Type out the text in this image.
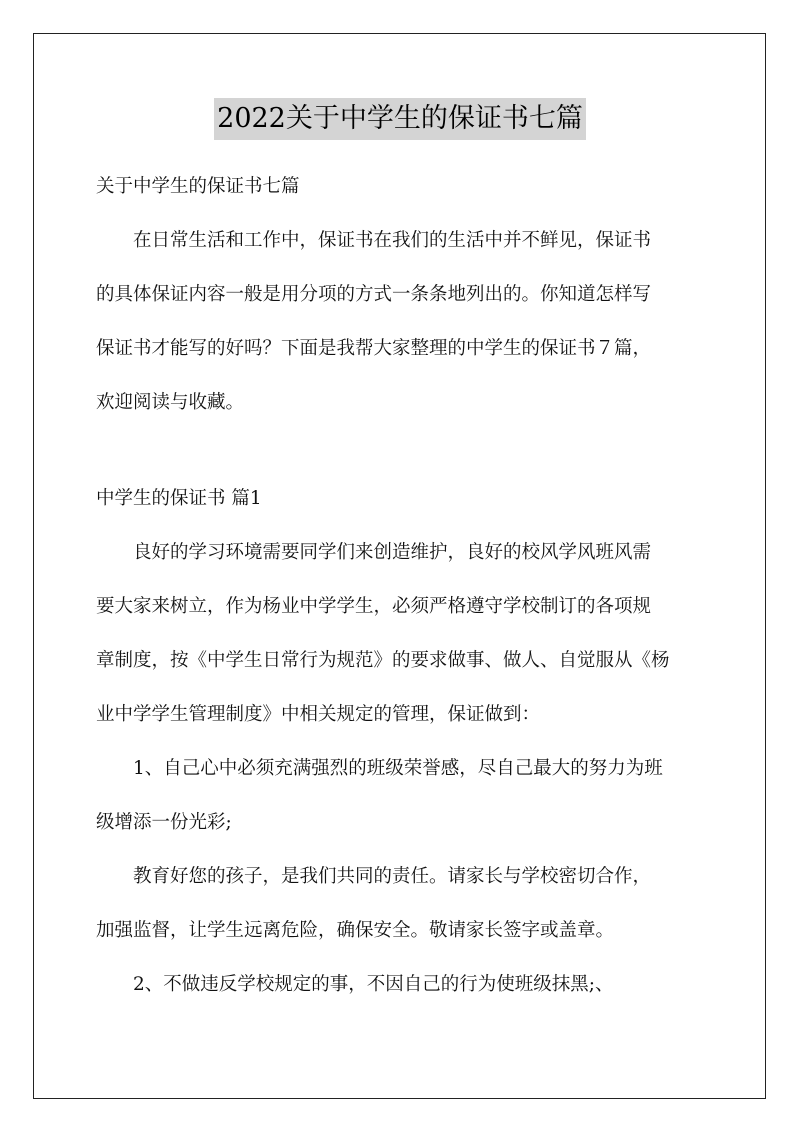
2022关于中学生的保证书七篇
关于中学生的保证书七篇
在日常生活和工作中，保证书在我们的生活中并不鲜见，保证书
的具体保证内容一般是用分项的方式一条条地列出的。你知道怎样写
保证书才能写的好吗？下面是我帮大家整理的中学生的保证书７篇，
欢迎阅读与收藏。
中学生的保证书 篇1
良好的学习环境需要同学们来创造维护，良好的校风学风班风需
要大家来树立，作为杨业中学学生，必须严格遵守学校制订的各项规
章制度，按《中学生日常行为规范》的要求做事、做人、自觉服从《杨
业中学学生管理制度》中相关规定的管理，保证做到：
1、自己心中必须充满强烈的班级荣誉感，尽自己最大的努力为班
级增添一份光彩;
教育好您的孩子，是我们共同的责任。请家长与学校密切合作，
加强监督，让学生远离危险，确保安全。敬请家长签字或盖章。
2、不做违反学校规定的事，不因自己的行为使班级抹黑;、
